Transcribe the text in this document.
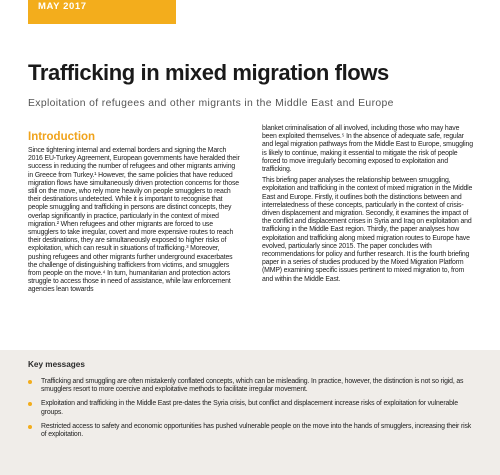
MAY 2017
Trafficking in mixed migration flows
Exploitation of refugees and other migrants in the Middle East and Europe
Introduction

Since tightening internal and external borders and signing the March 2016 EU-Turkey Agreement, European governments have heralded their success in reducing the number of refugees and other migrants arriving in Greece from Turkey.¹ However, the same policies that have reduced migration flows have simultaneously driven protection concerns for those still on the move, who rely more heavily on people smugglers to reach their destinations undetected. While it is important to recognise that people smuggling and trafficking in persons are distinct concepts, they overlap significantly in practice, particularly in the context of mixed migration.² When refugees and other migrants are forced to use smugglers to take irregular, covert and more expensive routes to reach their destinations, they are simultaneously exposed to higher risks of exploitation, which can result in situations of trafficking.³ Moreover, pushing refugees and other migrants further underground exacerbates the challenge of distinguishing traffickers from victims, and smugglers from people on the move.⁴ In turn, humanitarian and protection actors struggle to access those in need of assistance, while law enforcement agencies lean towards

blanket criminalisation of all involved, including those who may have been exploited themselves.⁵ In the absence of adequate safe, regular and legal migration pathways from the Middle East to Europe, smuggling is likely to continue, making it essential to mitigate the risk of people forced to move irregularly becoming exposed to exploitation and trafficking.

This briefing paper analyses the relationship between smuggling, exploitation and trafficking in the context of mixed migration in the Middle East and Europe. Firstly, it outlines both the distinctions between and interrelatedness of these concepts, particularly in the context of crisis-driven displacement and migration. Secondly, it examines the impact of the conflict and displacement crises in Syria and Iraq on exploitation and trafficking in the Middle East region. Thirdly, the paper analyses how exploitation and trafficking along mixed migration routes to Europe have evolved, particularly since 2015. The paper concludes with recommendations for policy and further research. It is the fourth briefing paper in a series of studies produced by the Mixed Migration Platform (MMP) examining specific issues pertinent to mixed migration to, from and within the Middle East.

Key messages
Trafficking and smuggling are often mistakenly conflated concepts, which can be misleading. In practice, however, the distinction is not so rigid, as smugglers resort to more coercive and exploitative methods to facilitate irregular movement.
Exploitation and trafficking in the Middle East pre-dates the Syria crisis, but conflict and displacement increase risks of exploitation for vulnerable groups.
Restricted access to safety and economic opportunities has pushed vulnerable people on the move into the hands of smugglers, increasing their risk of exploitation.
